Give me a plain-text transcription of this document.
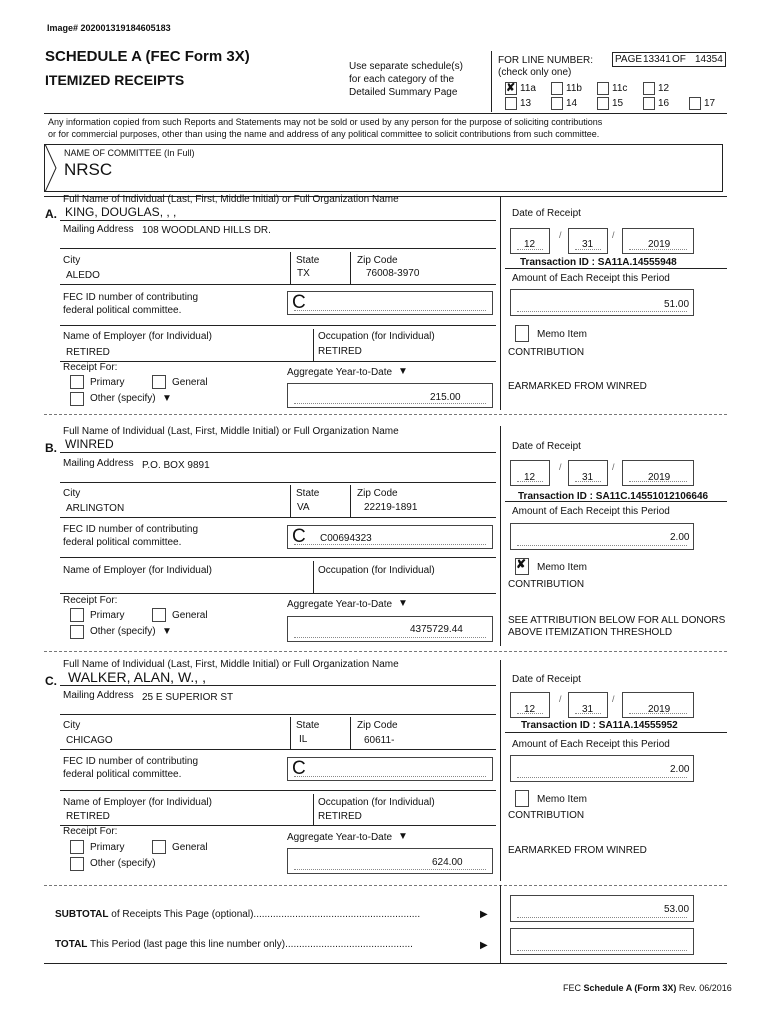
Image# 202001319184605183
SCHEDULE A (FEC Form 3X)
ITEMIZED RECEIPTS
Use separate schedule(s)
for each category of the
Detailed Summary Page
FOR LINE NUMBER:
(check only one)
PAGE 13341 OF 14354
✘ 11a	11b	11c	12
13	14	15	16	17
Any information copied from such Reports and Statements may not be sold or used by any person for the purpose of soliciting contributions
or for commercial purposes, other than using the name and address of any political committee to solicit contributions from such committee.
NAME OF COMMITTEE (In Full)
NRSC
Full Name of Individual (Last, First, Middle Initial) or Full Organization Name
A. KING, DOUGLAS, , ,
Mailing Address 108 WOODLAND HILLS DR.
City
ALEDO
State
TX
Zip Code
76008-3970
FEC ID number of contributing
federal political committee.	C
Name of Employer (for Individual)
RETIRED
Occupation (for Individual)
RETIRED
Receipt For:
Primary	General
Other (specify) ▼
Aggregate Year-to-Date ▼
215.00
Date of Receipt
12
/
31
/
2019
Transaction ID : SA11A.14555948
Amount of Each Receipt this Period
51.00
Memo Item
CONTRIBUTION
EARMARKED FROM WINRED
Full Name of Individual (Last, First, Middle Initial) or Full Organization Name
B. WINRED
Mailing Address P.O. BOX 9891
City
ARLINGTON
State
VA
Zip Code
22219-1891
FEC ID number of contributing
federal political committee.	C C00694323
Name of Employer (for Individual)	Occupation (for Individual)
Receipt For:
Primary	General
Other (specify) ▼
Aggregate Year-to-Date ▼
4375729.44
Date of Receipt
12
/
31
/
2019
Transaction ID : SA11C.14551012106646
Amount of Each Receipt this Period
2.00
✘ Memo Item
CONTRIBUTION
SEE ATTRIBUTION BELOW FOR ALL DONORS
ABOVE ITEMIZATION THRESHOLD
Full Name of Individual (Last, First, Middle Initial) or Full Organization Name
C. WALKER, ALAN, W., ,
Mailing Address 25 E SUPERIOR ST
City
CHICAGO
State
IL
Zip Code
60611-
FEC ID number of contributing
federal political committee.	C
Name of Employer (for Individual)
RETIRED
Occupation (for Individual)
RETIRED
Receipt For:
Primary	General
Other (specify)
Aggregate Year-to-Date ▼
624.00
Date of Receipt
12
/
31
/
2019
Transaction ID : SA11A.14555952
Amount of Each Receipt this Period
2.00
Memo Item
CONTRIBUTION
EARMARKED FROM WINRED
SUBTOTAL of Receipts This Page (optional)............................................................	▶	53.00
TOTAL This Period (last page this line number only)..............................................	▶
FEC Schedule A (Form 3X) Rev. 06/2016
